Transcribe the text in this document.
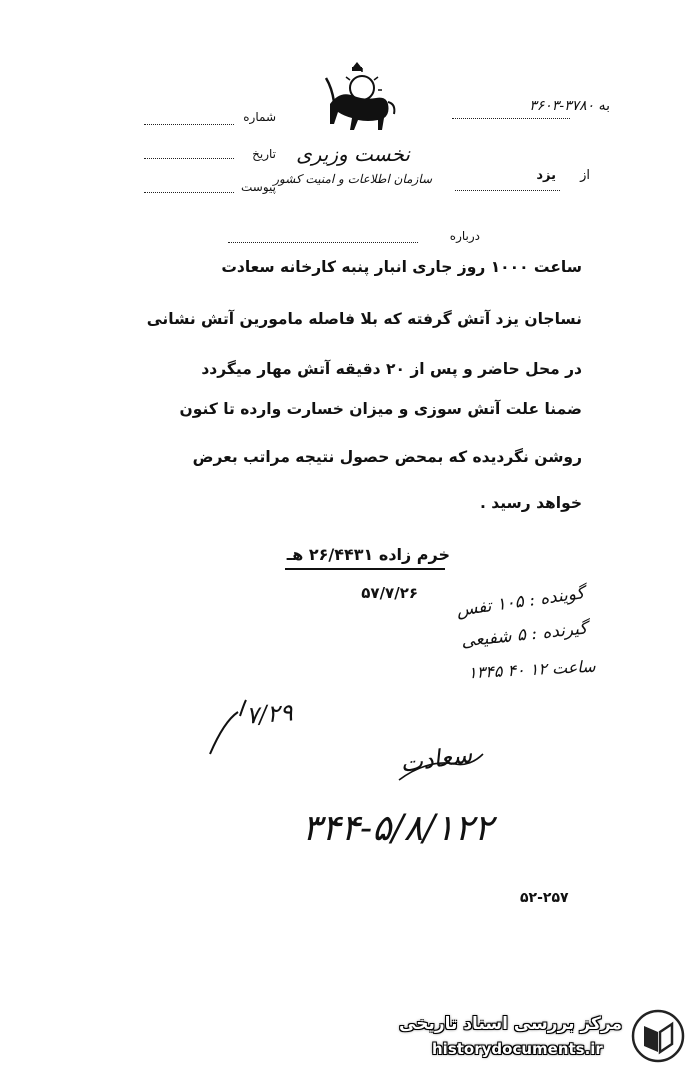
نخست وزیری
سازمان اطلاعات و امنیت کشور
شماره
تاریخ
پیوست
به ۳۷۸۰-۳۶۰۳
از یزد
درباره
ساعت ۱۰۰۰ روز جاری انبار پنبه کارخانه سعادت
نساجان یزد آتش گرفته که بلا فاصله مامورین آتش نشانی
در محل حاضر و پس از ۲۰ دقیقه آتش مهار میگردد
ضمنا علت آتش سوزی و میزان خسارت وارده تا کنون
روشن نگردیده که بمحض حصول نتیجه مراتب بعرض
خواهد رسید .
خرم زاده ۲۶/۴۴۳۱ هـ
۵۷/۷/۲۶
گوینده : ۱۰۵ تفس
گیرنده : ۵ شفیعی
ساعت ۱۲ ۴۰ ۱۳۴۵
۷/۲۹
سعادت
۳۴۴-۵/۸/۱۲۲
۵۲-۲۵۷
مرکز بررسی اسناد تاریخی
historydocuments.ir
